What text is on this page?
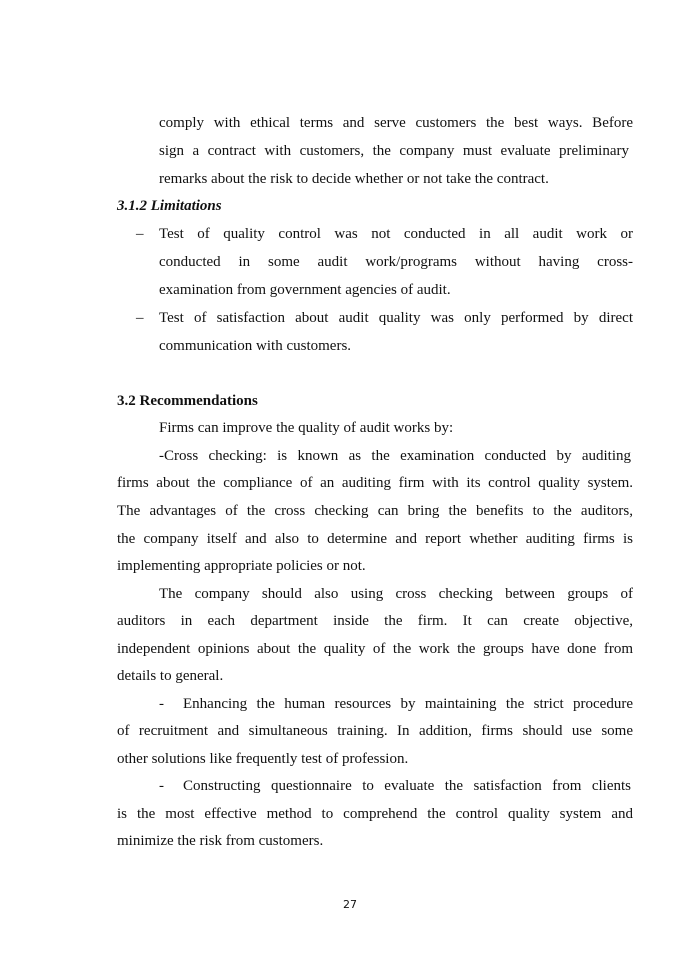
comply with ethical terms and serve customers the best ways. Before
sign a contract with customers, the company must evaluate preliminary
remarks about the risk to decide whether or not take the contract.
3.1.2 Limitations
– Test of quality control was not conducted in all audit work or
conducted in some audit work/programs without having cross-
examination from government agencies of audit.
– Test of satisfaction about audit quality was only performed by direct
communication with customers.
3.2 Recommendations
Firms can improve the quality of audit works by:
-Cross checking: is known as the examination conducted by auditing
firms about the compliance of an auditing firm with its control quality system.
The advantages of the cross checking can bring the benefits to the auditors,
the company itself and also to determine and report whether auditing firms is
implementing appropriate policies or not.
The company should also using cross checking between groups of
auditors in each department inside the firm. It can create objective,
independent opinions about the quality of the work the groups have done from
details to general.
- Enhancing the human resources by maintaining the strict procedure
of recruitment and simultaneous training. In addition, firms should use some
other solutions like frequently test of profession.
- Constructing questionnaire to evaluate the satisfaction from clients
is the most effective method to comprehend the control quality system and
minimize the risk from customers.
27
